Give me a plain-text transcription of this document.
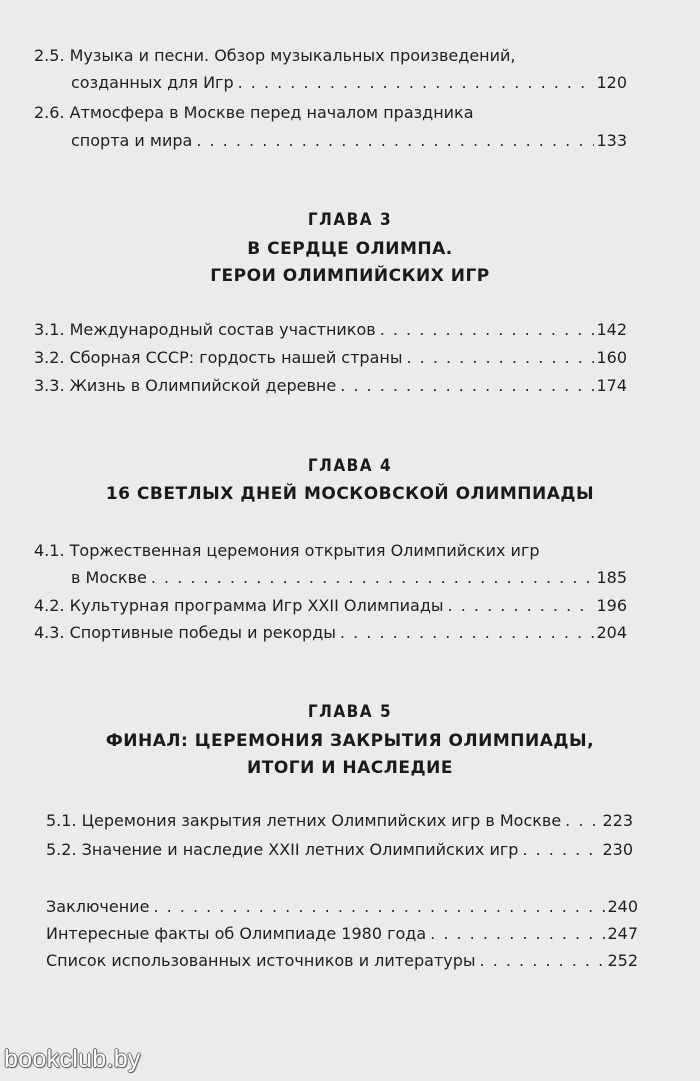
2.5. Музыка и песни. Обзор музыкальных произведений,
созданных для Игр . . .	120
2.6. Атмосфера в Москве перед началом праздника
спорта и мира . . .	133
ГЛАВА 3
В СЕРДЦЕ ОЛИМПА.
ГЕРОИ ОЛИМПИЙСКИХ ИГР
3.1. Международный состав участников . . .	142
3.2. Сборная СССР: гордость нашей страны . . .	160
3.3. Жизнь в Олимпийской деревне . . .	174
ГЛАВА 4
16 СВЕТЛЫХ ДНЕЙ МОСКОВСКОЙ ОЛИМПИАДЫ
4.1. Торжественная церемония открытия Олимпийских игр
в Москве . . .	185
4.2. Культурная программа Игр XXII Олимпиады . . .	196
4.3. Спортивные победы и рекорды . . .	204
ГЛАВА 5
ФИНАЛ: ЦЕРЕМОНИЯ ЗАКРЫТИЯ ОЛИМПИАДЫ,
ИТОГИ И НАСЛЕДИЕ
5.1. Церемония закрытия летних Олимпийских игр в Москве . . .	223
5.2. Значение и наследие XXII летних Олимпийских игр . . .	230
Заключение . . .	240
Интересные факты об Олимпиаде 1980 года . . .	247
Список использованных источников и литературы . . .	252
bookclub.by
